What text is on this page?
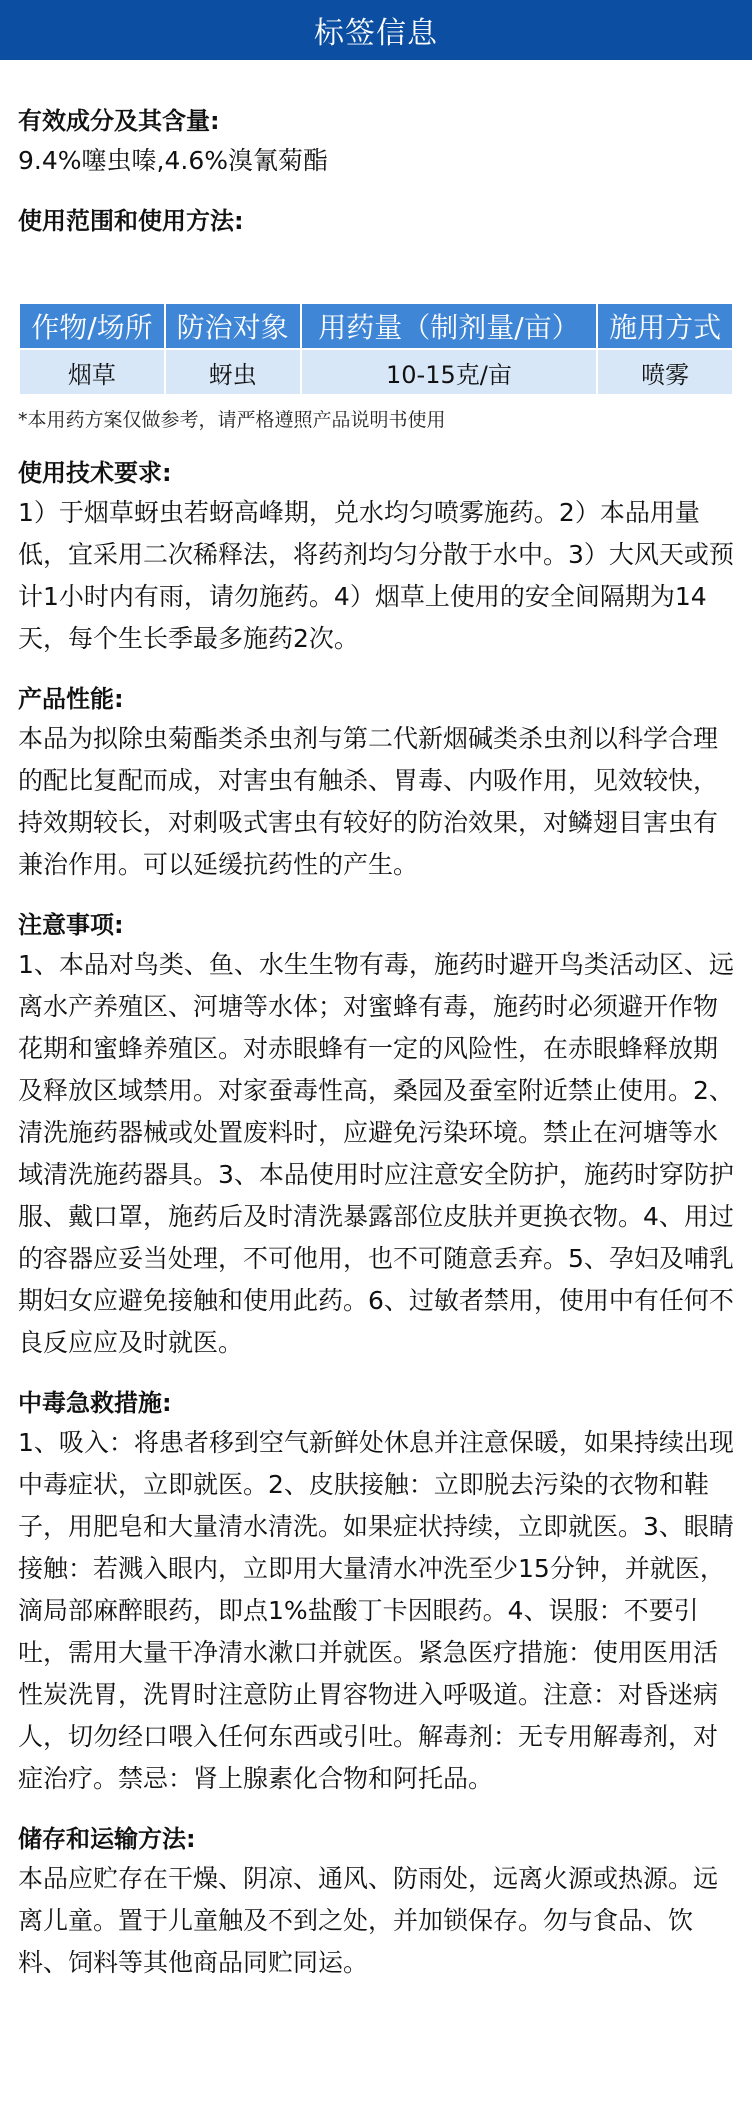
标签信息
有效成分及其含量:
9.4%噻虫嗪,4.6%溴氰菊酯
使用范围和使用方法:
作物/场所	防治对象	用药量（制剂量/亩）	施用方式
烟草	蚜虫	10-15克/亩	喷雾
*本用药方案仅做参考，请严格遵照产品说明书使用
使用技术要求:
1）于烟草蚜虫若蚜高峰期，兑水均匀喷雾施药。2）本品用量低，宜采用二次稀释法，将药剂均匀分散于水中。3）大风天或预计1小时内有雨，请勿施药。4）烟草上使用的安全间隔期为14天，每个生长季最多施药2次。
产品性能:
本品为拟除虫菊酯类杀虫剂与第二代新烟碱类杀虫剂以科学合理的配比复配而成，对害虫有触杀、胃毒、内吸作用，见效较快，持效期较长，对刺吸式害虫有较好的防治效果，对鳞翅目害虫有兼治作用。可以延缓抗药性的产生。
注意事项:
1、本品对鸟类、鱼、水生生物有毒，施药时避开鸟类活动区、远离水产养殖区、河塘等水体；对蜜蜂有毒，施药时必须避开作物花期和蜜蜂养殖区。对赤眼蜂有一定的风险性，在赤眼蜂释放期及释放区域禁用。对家蚕毒性高，桑园及蚕室附近禁止使用。2、清洗施药器械或处置废料时，应避免污染环境。禁止在河塘等水域清洗施药器具。3、本品使用时应注意安全防护，施药时穿防护服、戴口罩，施药后及时清洗暴露部位皮肤并更换衣物。4、用过的容器应妥当处理，不可他用，也不可随意丢弃。5、孕妇及哺乳期妇女应避免接触和使用此药。6、过敏者禁用，使用中有任何不良反应应及时就医。
中毒急救措施:
1、吸入：将患者移到空气新鲜处休息并注意保暖，如果持续出现中毒症状，立即就医。2、皮肤接触：立即脱去污染的衣物和鞋子，用肥皂和大量清水清洗。如果症状持续，立即就医。3、眼睛接触：若溅入眼内，立即用大量清水冲洗至少15分钟，并就医，滴局部麻醉眼药，即点1%盐酸丁卡因眼药。4、误服：不要引吐，需用大量干净清水漱口并就医。紧急医疗措施：使用医用活性炭洗胃，洗胃时注意防止胃容物进入呼吸道。注意：对昏迷病人，切勿经口喂入任何东西或引吐。解毒剂：无专用解毒剂，对症治疗。禁忌：肾上腺素化合物和阿托品。
储存和运输方法:
本品应贮存在干燥、阴凉、通风、防雨处，远离火源或热源。远离儿童。置于儿童触及不到之处，并加锁保存。勿与食品、饮料、饲料等其他商品同贮同运。
